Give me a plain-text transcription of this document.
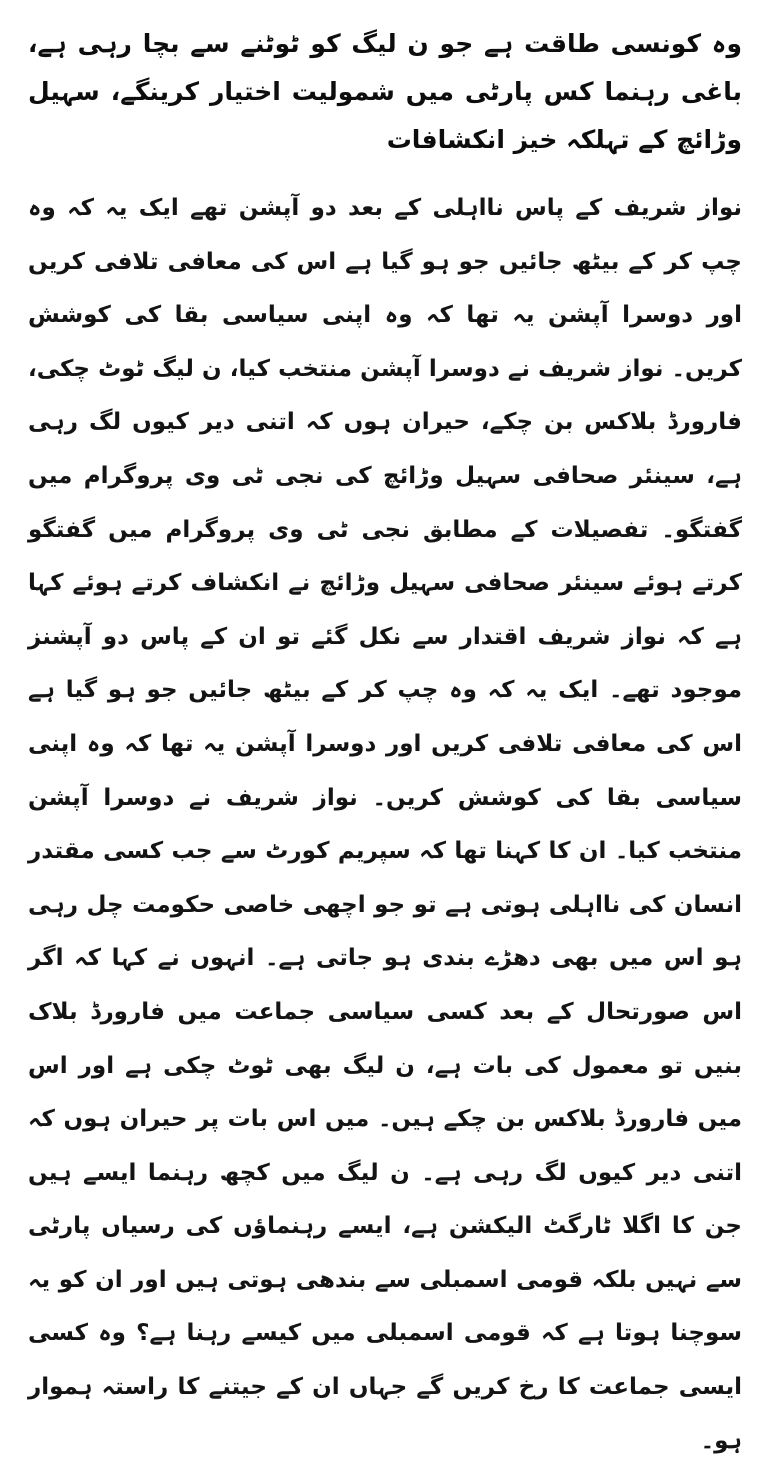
وہ کونسی طاقت ہے جو ن لیگ کو ٹوٹنے سے بچا رہی ہے، باغی رہنما کس پارٹی میں شمولیت اختیار کرینگے، سہیل وڑائچ کے تہلکہ خیز انکشافات

نواز شریف کے پاس نااہلی کے بعد دو آپشن تھے ایک یہ کہ وہ چپ کر کے بیٹھ جائیں جو ہو گیا ہے اس کی معافی تلافی کریں اور دوسرا آپشن یہ تھا کہ وہ اپنی سیاسی بقا کی کوشش کریں۔ نواز شریف نے دوسرا آپشن منتخب کیا، ن لیگ ٹوٹ چکی، فارورڈ بلاکس بن چکے، حیران ہوں کہ اتنی دیر کیوں لگ رہی ہے، سینئر صحافی سہیل وڑائچ کی نجی ٹی وی پروگرام میں گفتگو۔ تفصیلات کے مطابق نجی ٹی وی پروگرام میں گفتگو کرتے ہوئے سینئر صحافی سہیل وڑائچ نے انکشاف کرتے ہوئے کہا ہے کہ نواز شریف اقتدار سے نکل گئے تو ان کے پاس دو آپشنز موجود تھے۔ ایک یہ کہ وہ چپ کر کے بیٹھ جائیں جو ہو گیا ہے اس کی معافی تلافی کریں اور دوسرا آپشن یہ تھا کہ وہ اپنی سیاسی بقا کی کوشش کریں۔ نواز شریف نے دوسرا آپشن منتخب کیا۔ ان کا کہنا تھا کہ سپریم کورٹ سے جب کسی مقتدر انسان کی نااہلی ہوتی ہے تو جو اچھی خاصی حکومت چل رہی ہو اس میں بھی دھڑے بندی ہو جاتی ہے۔ انہوں نے کہا کہ اگر اس صورتحال کے بعد کسی سیاسی جماعت میں فارورڈ بلاک بنیں تو معمول کی بات ہے، ن لیگ بھی ٹوٹ چکی ہے اور اس میں فارورڈ بلاکس بن چکے ہیں۔ میں اس بات پر حیران ہوں کہ اتنی دیر کیوں لگ رہی ہے۔ ن لیگ میں کچھ رہنما ایسے ہیں جن کا اگلا ٹارگٹ الیکشن ہے، ایسے رہنماؤں کی رسیاں پارٹی سے نہیں بلکہ قومی اسمبلی سے بندھی ہوتی ہیں اور ان کو یہ سوچنا ہوتا ہے کہ قومی اسمبلی میں کیسے رہنا ہے؟ وہ کسی ایسی جماعت کا رخ کریں گے جہاں ان کے جیتنے کا راستہ ہموار ہو۔
